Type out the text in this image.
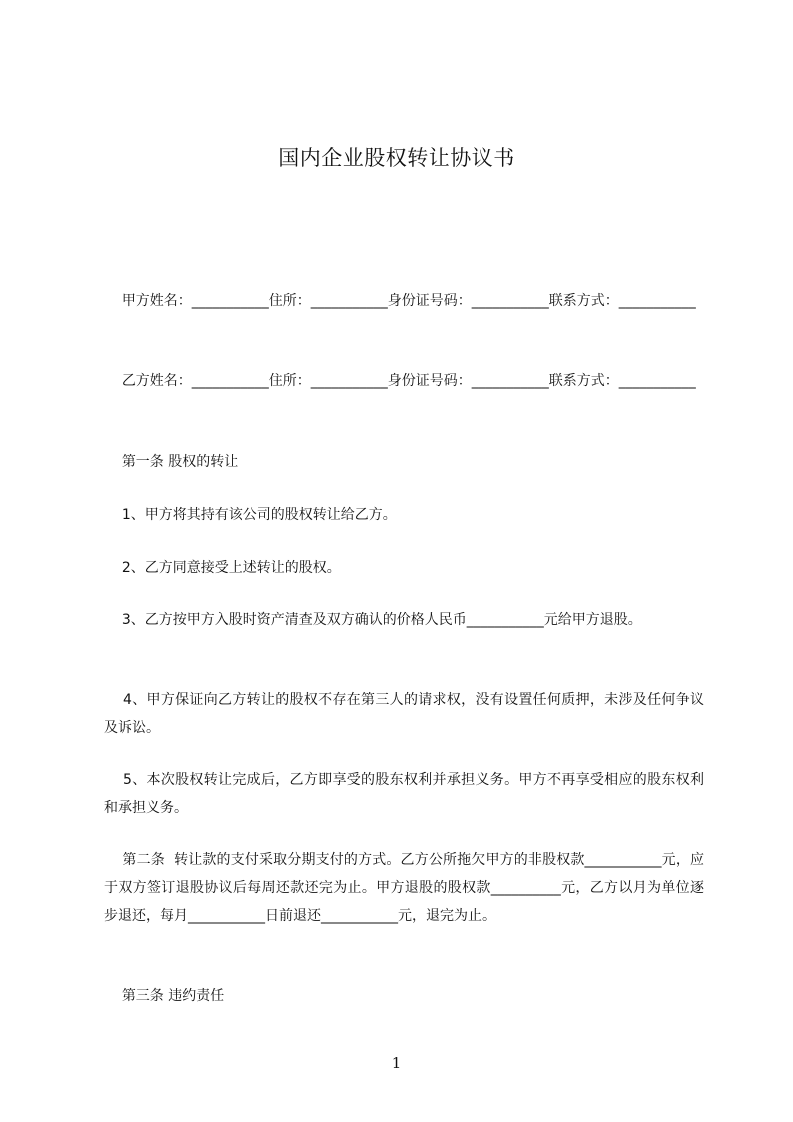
国内企业股权转让协议书
甲方姓名：___________住所：___________身份证号码：___________联系方式：___________
乙方姓名：___________住所：___________身份证号码：___________联系方式：___________
第一条 股权的转让
1、甲方将其持有该公司的股权转让给乙方。
2、乙方同意接受上述转让的股权。
3、乙方按甲方入股时资产清查及双方确认的价格人民币___________元给甲方退股。
4、甲方保证向乙方转让的股权不存在第三人的请求权，没有设置任何质押，未涉及任何争议及诉讼。
5、本次股权转让完成后，乙方即享受的股东权利并承担义务。甲方不再享受相应的股东权利和承担义务。
第二条  转让款的支付采取分期支付的方式。乙方公所拖欠甲方的非股权款___________元，应于双方签订退股协议后每周还款还完为止。甲方退股的股权款__________元，乙方以月为单位逐步退还，每月___________日前退还___________元，退完为止。
第三条 违约责任
1
